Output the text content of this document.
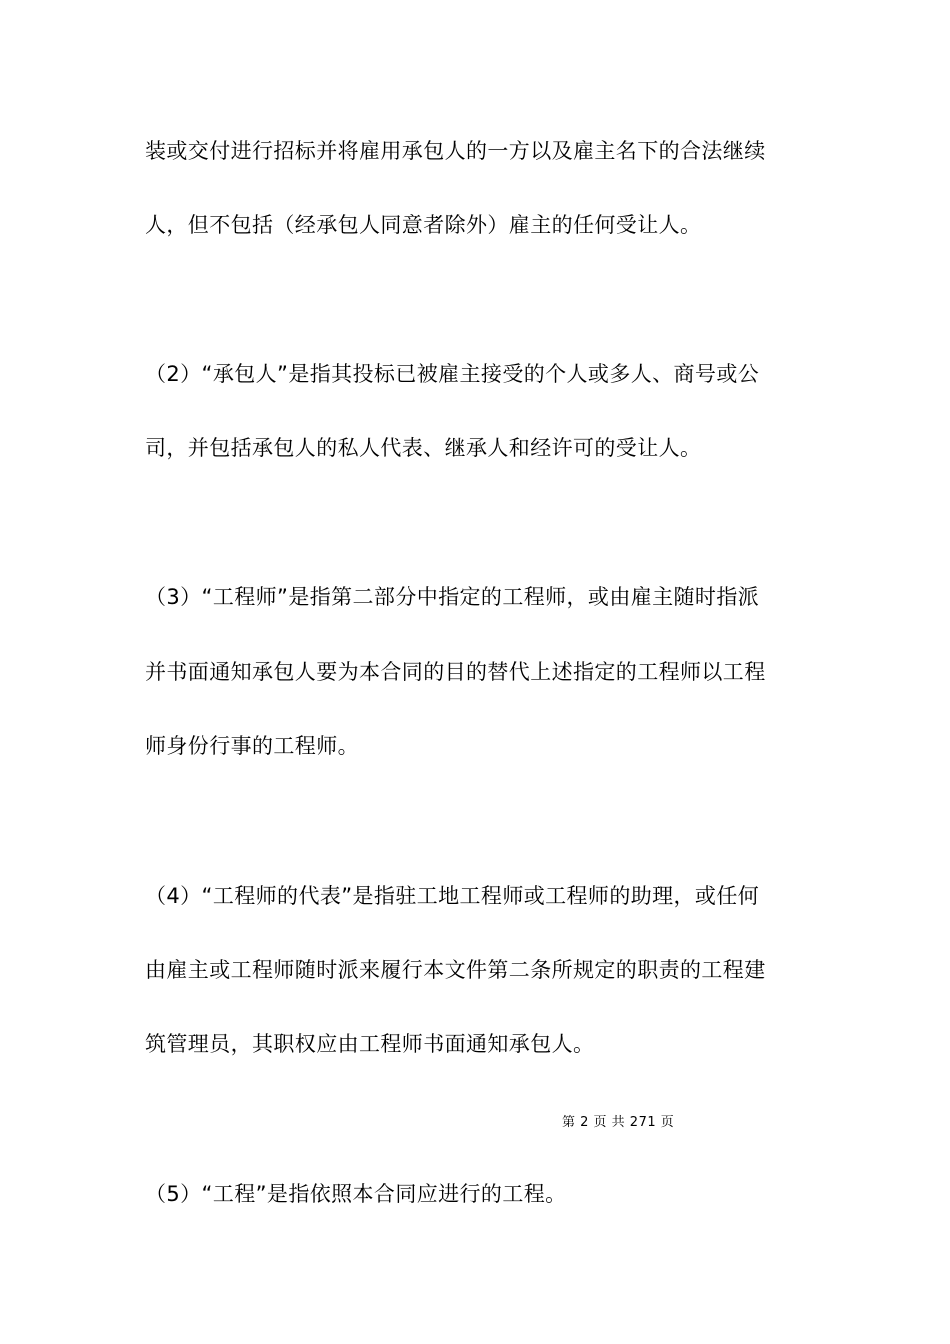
装或交付进行招标并将雇用承包人的一方以及雇主名下的合法继续
人，但不包括（经承包人同意者除外）雇主的任何受让人。
（2）“承包人”是指其投标已被雇主接受的个人或多人、商号或公
司，并包括承包人的私人代表、继承人和经许可的受让人。
（3）“工程师”是指第二部分中指定的工程师，或由雇主随时指派
并书面通知承包人要为本合同的目的替代上述指定的工程师以工程
师身份行事的工程师。
（4）“工程师的代表”是指驻工地工程师或工程师的助理，或任何
由雇主或工程师随时派来履行本文件第二条所规定的职责的工程建
筑管理员，其职权应由工程师书面通知承包人。
第 2 页 共 271 页
（5）“工程”是指依照本合同应进行的工程。
